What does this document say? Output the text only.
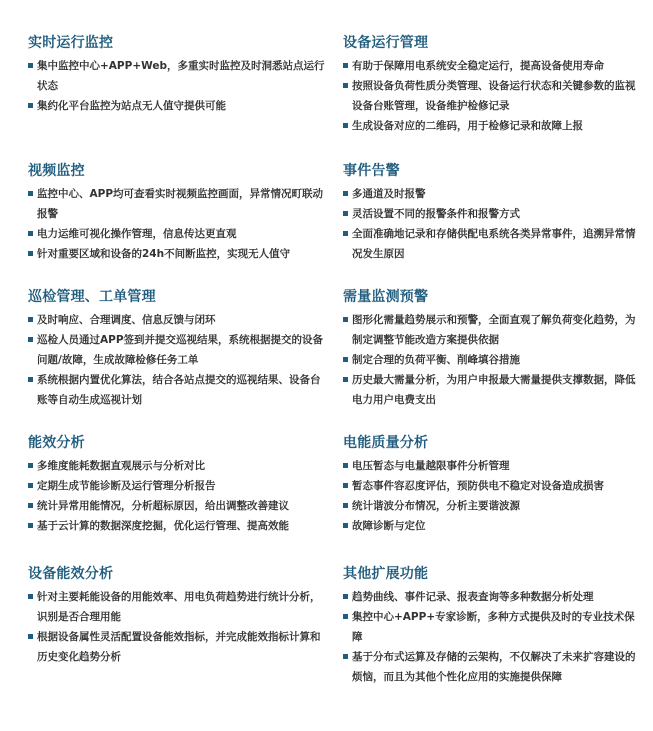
实时运行监控
集中监控中心+APP+Web，多重实时监控及时洞悉站点运行状态
集约化平台监控为站点无人值守提供可能
视频监控
监控中心、APP均可查看实时视频监控画面，异常情况町联动报警
电力运维可视化操作管理，信息传达更直观
针对重要区域和设备的24h不间断监控，实现无人值守
巡检管理、工单管理
及时响应、合理调度、信息反馈与闭环
巡检人员通过APP签到并提交巡视结果，系统根据提交的设备问题/故障，生成故障检修任务工单
系统根据内置优化算法，结合各站点提交的巡视结果、设备台账等自动生成巡视计划
能效分析
多维度能耗数据直观展示与分析对比
定期生成节能诊断及运行管理分析报告
统计异常用能情况，分析超标原因，给出调整改善建议
基于云计算的数据深度挖掘，优化运行管理、提高效能
设备能效分析
针对主要耗能设备的用能效率、用电负荷趋势进行统计分析，识别是否合理用能
根据设备属性灵活配置设备能效指标，并完成能效指标计算和历史变化趋势分析
设备运行管理
有助于保障用电系统安全稳定运行，提高设备使用寿命
按照设备负荷性质分类管理、设备运行状态和关键参数的监视设备台账管理，设备维护检修记录
生成设备对应的二维码，用于检修记录和故障上报
事件告警
多通道及时报警
灵活设置不同的报警条件和报警方式
全面准确地记录和存储供配电系统各类异常事件，追溯异常情况发生原因
需量监测预警
图形化需量趋势展示和预警，全面直观了解负荷变化趋势，为制定调整节能改造方案提供依据
制定合理的负荷平衡、削峰填谷措施
历史最大需量分析，为用户申报最大需量提供支撑数据，降低电力用户电费支出
电能质量分析
电压暂态与电量越限事件分析管理
暂态事件容忍度评估，预防供电不稳定对设备造成损害
统计谐波分布情况，分析主要谐波源
故障诊断与定位
其他扩展功能
趋势曲线、事件记录、报表查询等多种数据分析处理
集控中心+APP+专家诊断，多种方式提供及时的专业技术保障
基于分布式运算及存储的云架构，不仅解决了未来扩容建设的烦恼，而且为其他个性化应用的实施提供保障
